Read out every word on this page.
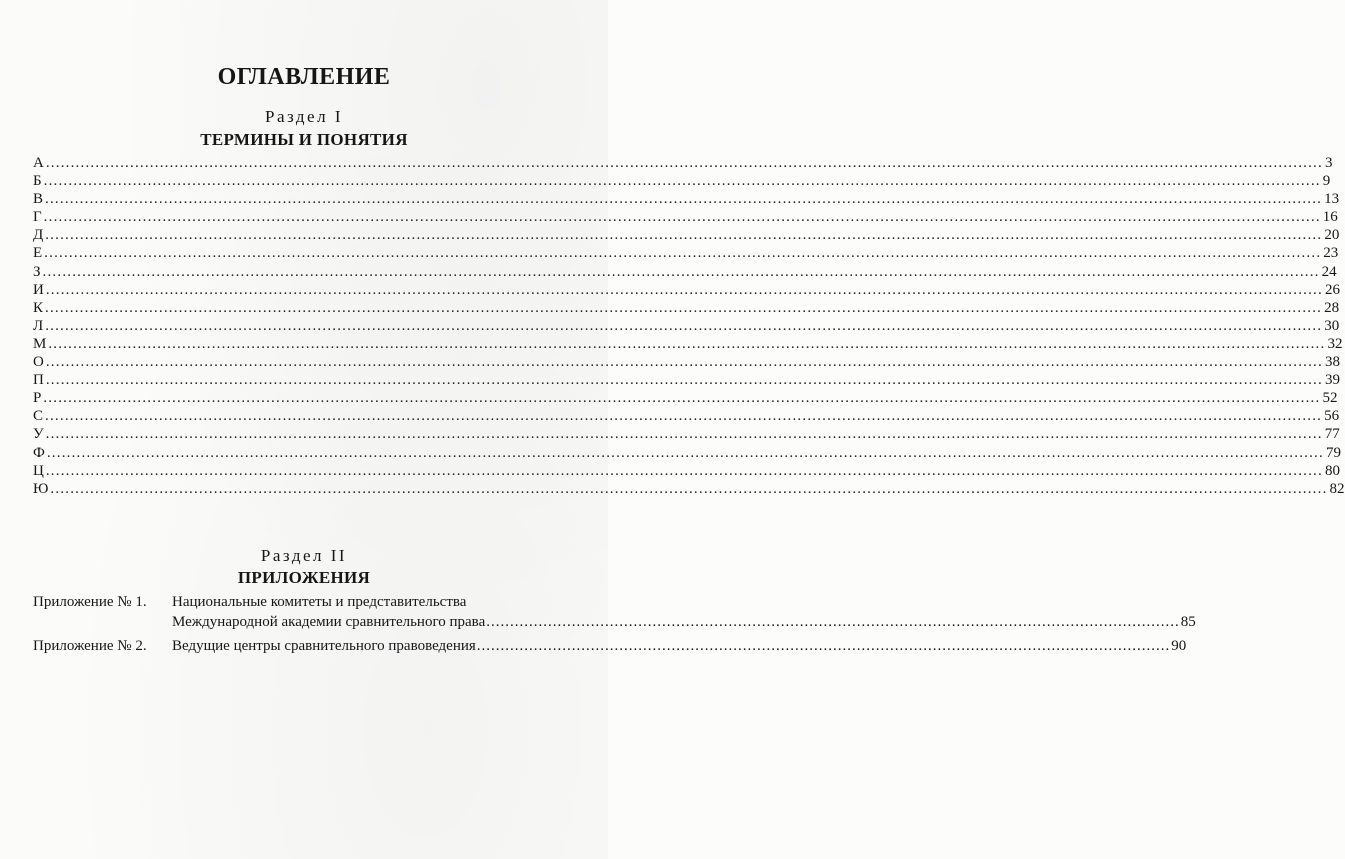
ОГЛАВЛЕНИЕ
Раздел I
ТЕРМИНЫ И ПОНЯТИЯ
А .....	3
Б .....	9
В .....	13
Г .....	16
Д .....	20
Е .....	23
З .....	24
И .....	26
К .....	28
Л .....	30
М .....	32
О .....	38
П .....	39
Р .....	52
С .....	56
У .....	77
Ф .....	79
Ц .....	80
Ю .....	82
Раздел II
ПРИЛОЖЕНИЯ
Приложение № 1.	Национальные комитеты и представительства
Международной академии сравнительного права .....	85
Приложение № 2.	Ведущие центры сравнительного правоведения .....	90
